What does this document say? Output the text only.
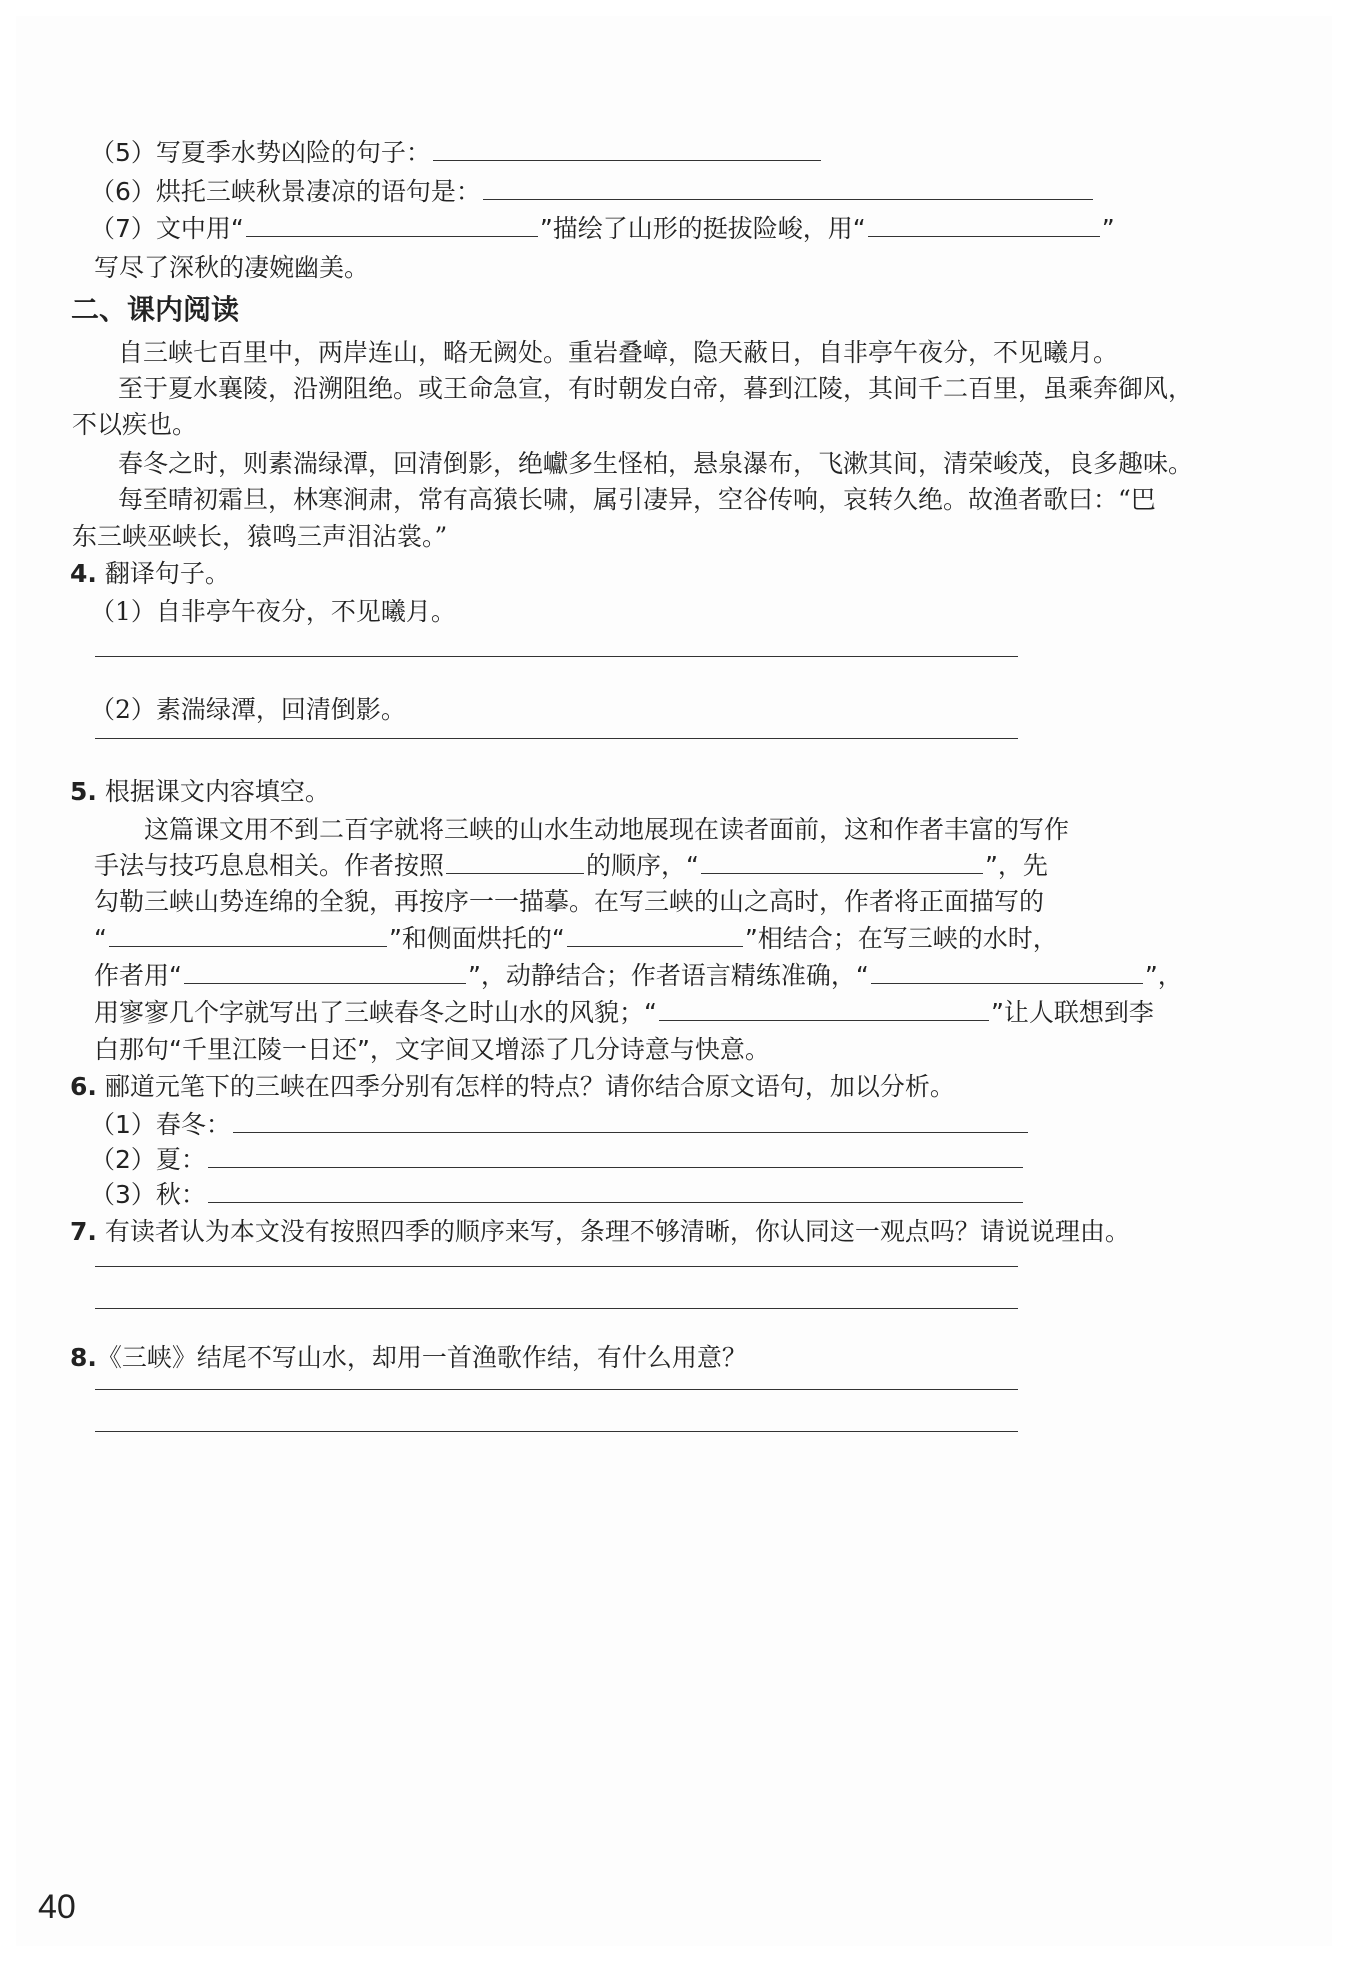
（5）写夏季水势凶险的句子：
（6）烘托三峡秋景凄凉的语句是：
（7）文中用“	”描绘了山形的挺拔险峻，用“	”
写尽了深秋的凄婉幽美。
二、课内阅读
自三峡七百里中，两岸连山，略无阙处。重岩叠嶂，隐天蔽日，自非亭午夜分，不见曦月。
至于夏水襄陵，沿溯阻绝。或王命急宣，有时朝发白帝，暮到江陵，其间千二百里，虽乘奔御风，
不以疾也。
春冬之时，则素湍绿潭，回清倒影，绝巘多生怪柏，悬泉瀑布，飞漱其间，清荣峻茂，良多趣味。
每至晴初霜旦，林寒涧肃，常有高猿长啸，属引凄异，空谷传响，哀转久绝。故渔者歌曰：“巴
东三峡巫峡长，猿鸣三声泪沾裳。”
4. 翻译句子。
（1）自非亭午夜分，不见曦月。
（2）素湍绿潭，回清倒影。
5. 根据课文内容填空。
这篇课文用不到二百字就将三峡的山水生动地展现在读者面前，这和作者丰富的写作
手法与技巧息息相关。作者按照	的顺序，“	”，先
勾勒三峡山势连绵的全貌，再按序一一描摹。在写三峡的山之高时，作者将正面描写的
“	”和侧面烘托的“	”相结合；在写三峡的水时，
作者用“	”，动静结合；作者语言精练准确，“	”，
用寥寥几个字就写出了三峡春冬之时山水的风貌；“	”让人联想到李
白那句“千里江陵一日还”，文字间又增添了几分诗意与快意。
6. 郦道元笔下的三峡在四季分别有怎样的特点？请你结合原文语句，加以分析。
（1）春冬：
（2）夏：
（3）秋：
7. 有读者认为本文没有按照四季的顺序来写，条理不够清晰，你认同这一观点吗？请说说理由。
8.《三峡》结尾不写山水，却用一首渔歌作结，有什么用意？
40
